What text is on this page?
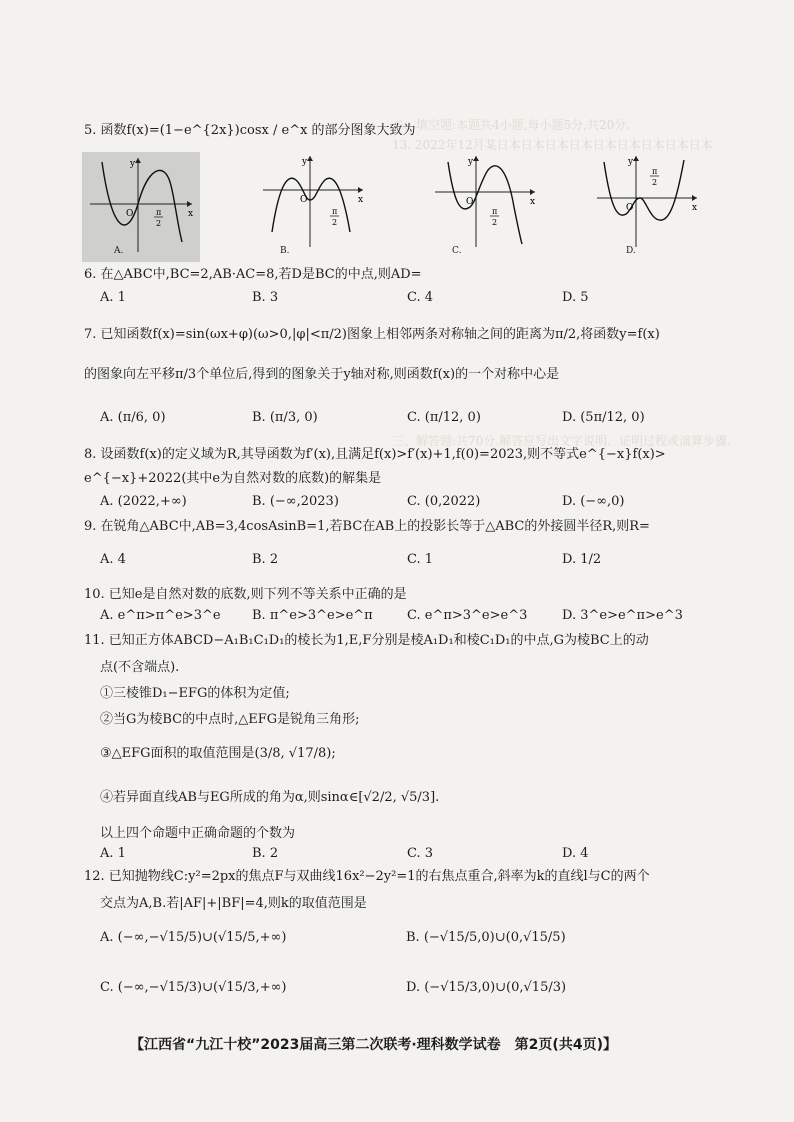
二、填空题:本题共4小题,每小题5分,共20分.
13. 2022年12月某日本日本日本日本日本日本日本日本日本
三、解答题:共70分.解答应写出文字说明、证明过程或演算步骤.
5. 函数f(x)=(1−e^{2x})cosx / e^x 的部分图象大致为
y
x
O	π
2
A.
y
x
O
π
2
B.
y
x
O
π
2
C.
y
x
O
π
2
D.
6. 在△ABC中,BC=2,AB·AC=8,若D是BC的中点,则AD=
A. 1	B. 3	C. 4	D. 5
7. 已知函数f(x)=sin(ωx+φ)(ω>0,|φ|<π/2)图象上相邻两条对称轴之间的距离为π/2,将函数y=f(x)
的图象向左平移π/3个单位后,得到的图象关于y轴对称,则函数f(x)的一个对称中心是
A. (π/6, 0)	B. (π/3, 0)	C. (π/12, 0)	D. (5π/12, 0)
8. 设函数f(x)的定义域为R,其导函数为f′(x),且满足f(x)>f′(x)+1,f(0)=2023,则不等式e^{−x}f(x)>
e^{−x}+2022(其中e为自然对数的底数)的解集是
A. (2022,+∞)	B. (−∞,2023)	C. (0,2022)	D. (−∞,0)
9. 在锐角△ABC中,AB=3,4cosAsinB=1,若BC在AB上的投影长等于△ABC的外接圆半径R,则R=
A. 4	B. 2	C. 1	D. 1/2
10. 已知e是自然对数的底数,则下列不等关系中正确的是
A. e^π>π^e>3^e B. π^e>3^e>e^π	C. e^π>3^e>e^3	D. 3^e>e^π>e^3
11. 已知正方体ABCD−A₁B₁C₁D₁的棱长为1,E,F分别是棱A₁D₁和棱C₁D₁的中点,G为棱BC上的动
点(不含端点).
①三棱锥D₁−EFG的体积为定值;
②当G为棱BC的中点时,△EFG是锐角三角形;
③△EFG面积的取值范围是(3/8, √17/8);
④若异面直线AB与EG所成的角为α,则sinα∈[√2/2, √5/3].
以上四个命题中正确命题的个数为
A. 1	B. 2	C. 3	D. 4
12. 已知抛物线C:y²=2px的焦点F与双曲线16x²−2y²=1的右焦点重合,斜率为k的直线l与C的两个
交点为A,B.若|AF|+|BF|=4,则k的取值范围是
A. (−∞,−√15/5)∪(√15/5,+∞)	B. (−√15/5,0)∪(0,√15/5)
C. (−∞,−√15/3)∪(√15/3,+∞)	D. (−√15/3,0)∪(0,√15/3)
【江西省“九江十校”2023届高三第二次联考·理科数学试卷　第2页(共4页)】
